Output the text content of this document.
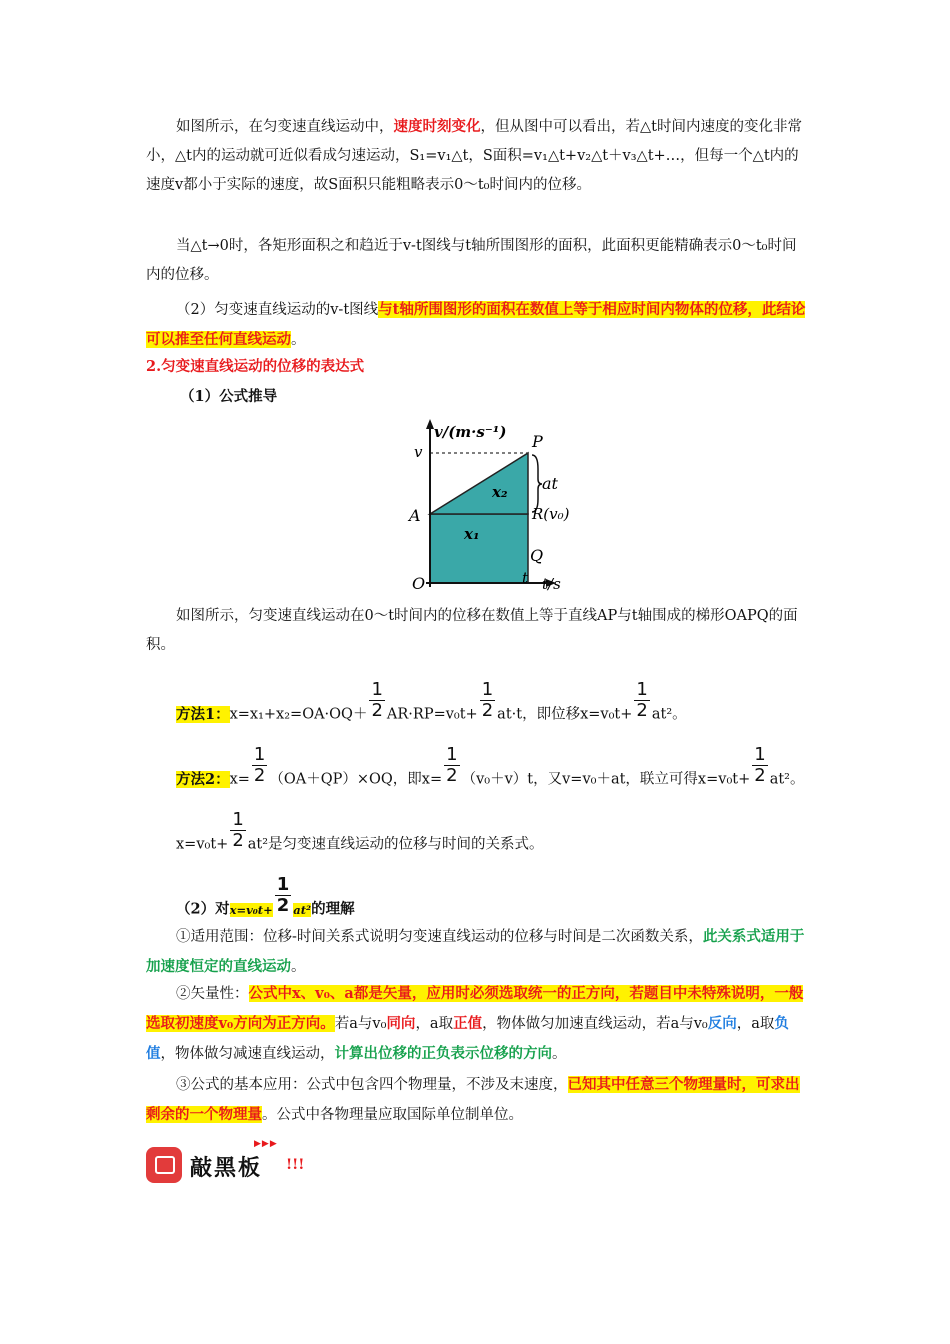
如图所示，在匀变速直线运动中，速度时刻变化，但从图中可以看出，若△t时间内速度的变化非常小，△t内的运动就可近似看成匀速运动，S₁=v₁△t，S面积=v₁△t+v₂△t＋v₃△t+…，但每一个△t内的速度v都小于实际的速度，故S面积只能粗略表示0～t₀时间内的位移。

当△t→0时，各矩形面积之和趋近于v-t图线与t轴所围图形的面积，此面积更能精确表示0～t₀时间内的位移。

（2）匀变速直线运动的v-t图线与t轴所围图形的面积在数值上等于相应时间内物体的位移，此结论可以推至任何直线运动。

2.匀变速直线运动的位移的表达式

（1）公式推导

v/(m·s⁻¹)
v
P
A
O
R(v₀)
Q
t t/s
at
x₂
x₁

如图所示，匀变速直线运动在0～t时间内的位移在数值上等于直线AP与t轴围成的梯形OAPQ的面积。

方法1：$x=x_1+x_2=OA\cdot OQ+ \frac{1}{2} AR\cdot RP=v_0t+ \frac{1}{2} at\cdot t$，即位移$x=v_0t+ \frac{1}{2} at^2$。

方法2：$x= \frac{1}{2} (OA+QP)\times OQ$，即$x= \frac{1}{2} (v_0+v)t$，又v=v₀＋at，联立可得$x=v_0t+ \frac{1}{2} at^2$。

$x=v_0t+ \frac{1}{2} at^2$是匀变速直线运动的位移与时间的关系式。

（2）对$x=v_0t+ \frac{1}{2} at^2$的理解

①适用范围：位移-时间关系式说明匀变速直线运动的位移与时间是二次函数关系，此关系式适用于加速度恒定的直线运动。

②矢量性：公式中x、v₀、a都是矢量，应用时必须选取统一的正方向，若题目中未特殊说明，一般选取初速度v₀方向为正方向。若a与v₀同向，a取正值，物体做匀加速直线运动，若a与v₀反向，a取负值，物体做匀减速直线运动，计算出位移的正负表示位移的方向。

③公式的基本应用：公式中包含四个物理量，不涉及末速度，已知其中任意三个物理量时，可求出剩余的一个物理量。公式中各物理量应取国际单位制单位。

▶▶▶
敲黑板 !!!
